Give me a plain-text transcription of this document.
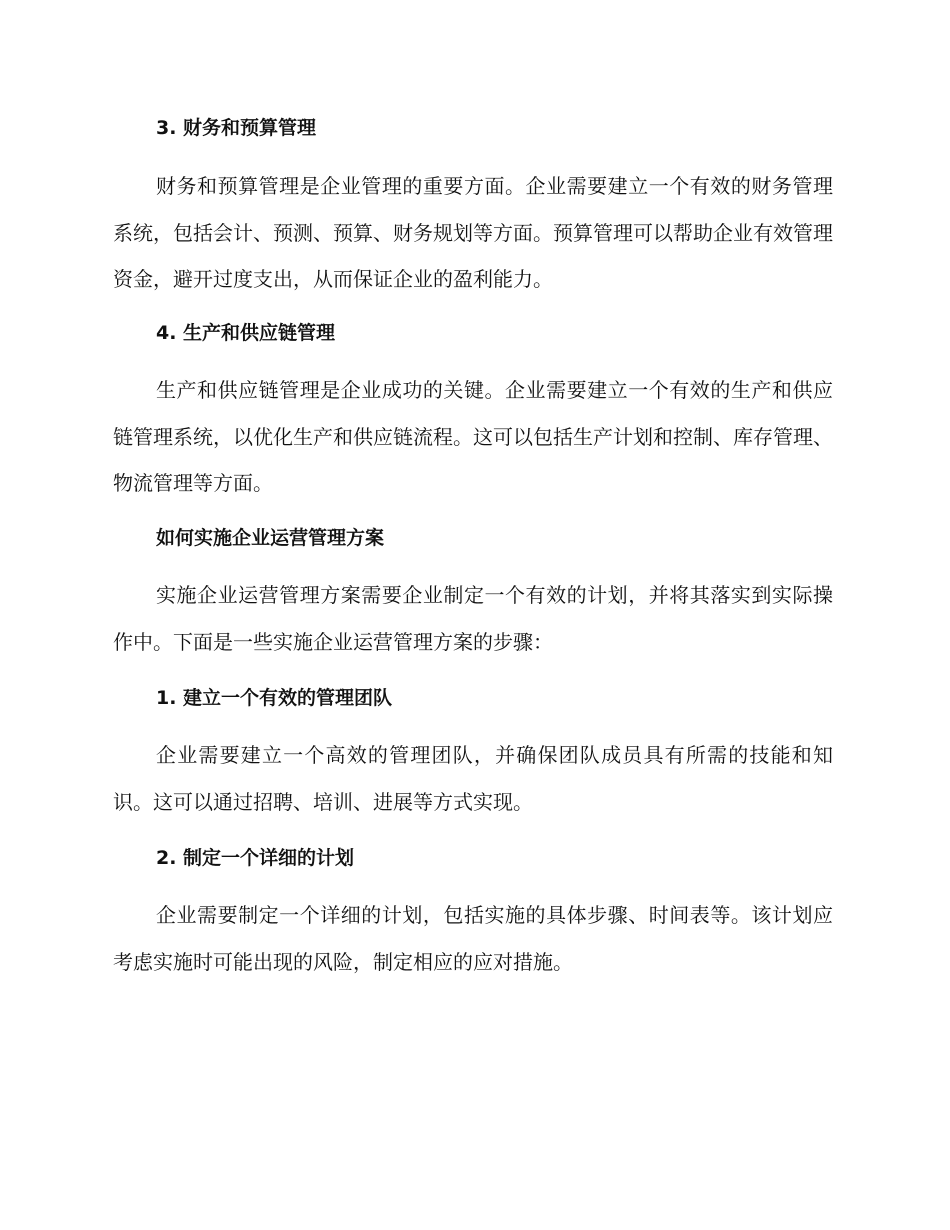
3. 财务和预算管理

财务和预算管理是企业管理的重要方面。企业需要建立一个有效的财务管理系统，包括会计、预测、预算、财务规划等方面。预算管理可以帮助企业有效管理资金，避开过度支出，从而保证企业的盈利能力。

4. 生产和供应链管理

生产和供应链管理是企业成功的关键。企业需要建立一个有效的生产和供应链管理系统，以优化生产和供应链流程。这可以包括生产计划和控制、库存管理、物流管理等方面。

如何实施企业运营管理方案

实施企业运营管理方案需要企业制定一个有效的计划，并将其落实到实际操作中。下面是一些实施企业运营管理方案的步骤：

1. 建立一个有效的管理团队

企业需要建立一个高效的管理团队，并确保团队成员具有所需的技能和知识。这可以通过招聘、培训、进展等方式实现。

2. 制定一个详细的计划

企业需要制定一个详细的计划，包括实施的具体步骤、时间表等。该计划应考虑实施时可能出现的风险，制定相应的应对措施。
